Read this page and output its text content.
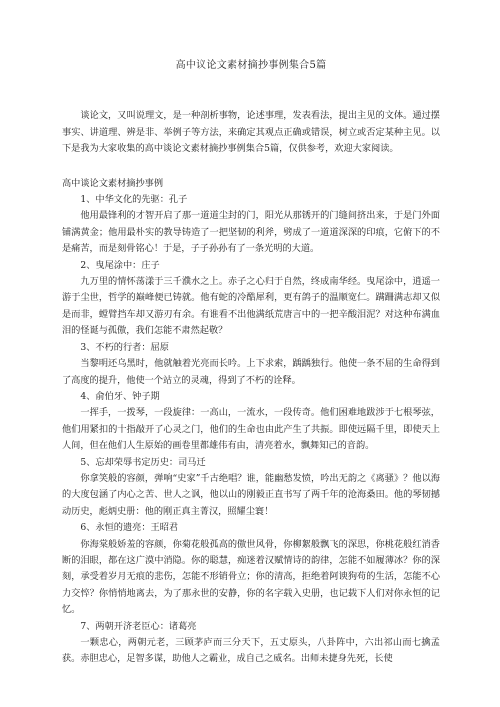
高中议论文素材摘抄事例集合5篇

谈论文，又叫说理文，是一种剖析事物，论述事理，发表看法，提出主见的文体。通过摆事实、讲道理、辨是非、举例子等方法，来确定其观点正确或错误，树立或否定某种主见。以下是我为大家收集的高中谈论文素材摘抄事例集合5篇，仅供参考，欢迎大家阅读。

高中谈论文素材摘抄事例
1、中华文化的先驱：孔子

他用最锋利的才智开启了那一道道尘封的门，阳光从那锈开的门缝间挤出来，于是门外面铺满黄金；他用最朴实的教导铸造了一把坚韧的利斧，劈成了一道道深深的印痕，它俯下的不是痛苦，而是刻骨铭心！于是，子子孙孙有了一条光明的大道。

2、曳尾涂中：庄子

九万里的情怀荡漾于三千濮水之上。赤子之心归于自然，终成南华经。曳尾涂中，逍遥一游于尘世，哲学的巅峰便已铸就。他有蛇的冷酷犀利，更有鸽子的温顺宽仁。蹒跚满志却又似是而非，螳臂挡车却又游刃有余。有谁看不出他满纸荒唐言中的一把辛酸泪泥？对这种布满血泪的怪诞与孤傲，我们怎能不肃然起敬？

3、不朽的行者：屈原

当黎明还乌黑时，他就触着光亮而长吟。上下求索，踽踽独行。他使一条不屈的生命得到了高度的提升，他使一个站立的灵魂，得到了不朽的诠释。

4、俞伯牙、钟子期

一挥手，一拨琴，一段旋律：一高山，一流水，一段传奇。他们困难地跋涉于七根琴弦，他们用紧扣的十指敲开了心灵之门，他们的生命也由此产生了共振。即使远隔千里，即使天上人间，但在他们人生原始的画卷里都雄伟有由，清亮着水，飘舞知己的音韵。

5、忘却荣辱书定历史：司马迁

你拿笑般的容颜，弹响“史家”千古绝唱？谁，能幽愁发愤，吟出无韵之《离骚》？他以海的大度包涵了内心之苦、世人之讽，他以山的刚毅正直书写了两千年的沧海桑田。他的琴韧撼动历史，彪炳史册：他的刚正真主菁汉，照耀尘寰！

6、永恒的遗亮：王昭君

你海棠般娇羞的容颜，你菊花般孤高的傲世风骨，你柳絮般飘飞的深思，你桃花般红消香断的泪眼，都在这广漠中消隐。你的聪慧，痴迷着汉赋情诗的韵律，怎能不如履薄冰？你的深刻，承受着岁月无痕的悲伤，怎能不形销骨立；你的清高，拒绝着阿谀狗苟的生活，怎能不心力交悴？你悄悄地离去，为了那永世的安静，你的名字载入史册，也记载下人们对你永恒的记忆。

7、两朝开济老臣心：诸葛亮

一颗忠心，两朝元老，三顾茅庐而三分天下，五丈原头，八卦阵中，六出祁山而七擒孟获。赤胆忠心，足智多谋，助他人之霸业，成自己之威名。出师未捷身先死，长使
